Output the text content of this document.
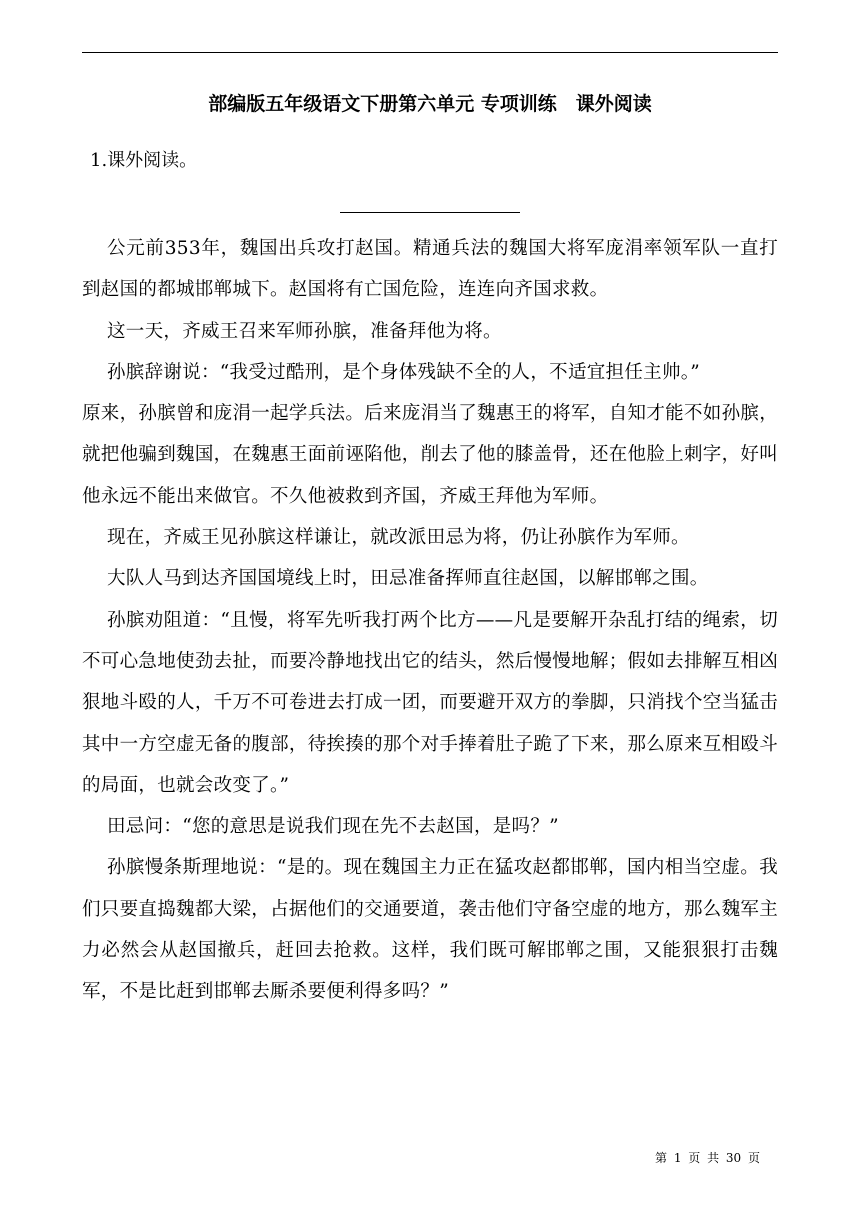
部编版五年级语文下册第六单元 专项训练　课外阅读
1.课外阅读。

公元前353年，魏国出兵攻打赵国。精通兵法的魏国大将军庞涓率领军队一直打到赵国的都城邯郸城下。赵国将有亡国危险，连连向齐国求救。

这一天，齐威王召来军师孙膑，准备拜他为将。

孙膑辞谢说：“我受过酷刑，是个身体残缺不全的人，不适宜担任主帅。”

原来，孙膑曾和庞涓一起学兵法。后来庞涓当了魏惠王的将军，自知才能不如孙膑，就把他骗到魏国，在魏惠王面前诬陷他，削去了他的膝盖骨，还在他脸上刺字，好叫他永远不能出来做官。不久他被救到齐国，齐威王拜他为军师。

现在，齐威王见孙膑这样谦让，就改派田忌为将，仍让孙膑作为军师。

大队人马到达齐国国境线上时，田忌准备挥师直往赵国，以解邯郸之围。

孙膑劝阻道：“且慢，将军先听我打两个比方——凡是要解开杂乱打结的绳索，切不可心急地使劲去扯，而要冷静地找出它的结头，然后慢慢地解；假如去排解互相凶狠地斗殴的人，千万不可卷进去打成一团，而要避开双方的拳脚，只消找个空当猛击其中一方空虚无备的腹部，待挨揍的那个对手捧着肚子跪了下来，那么原来互相殴斗的局面，也就会改变了。”

田忌问：“您的意思是说我们现在先不去赵国，是吗？”

孙膑慢条斯理地说：“是的。现在魏国主力正在猛攻赵都邯郸，国内相当空虚。我们只要直捣魏都大梁，占据他们的交通要道，袭击他们守备空虚的地方，那么魏军主力必然会从赵国撤兵，赶回去抢救。这样，我们既可解邯郸之围，又能狠狠打击魏军，不是比赶到邯郸去厮杀要便利得多吗？”

第 1 页 共 30 页
